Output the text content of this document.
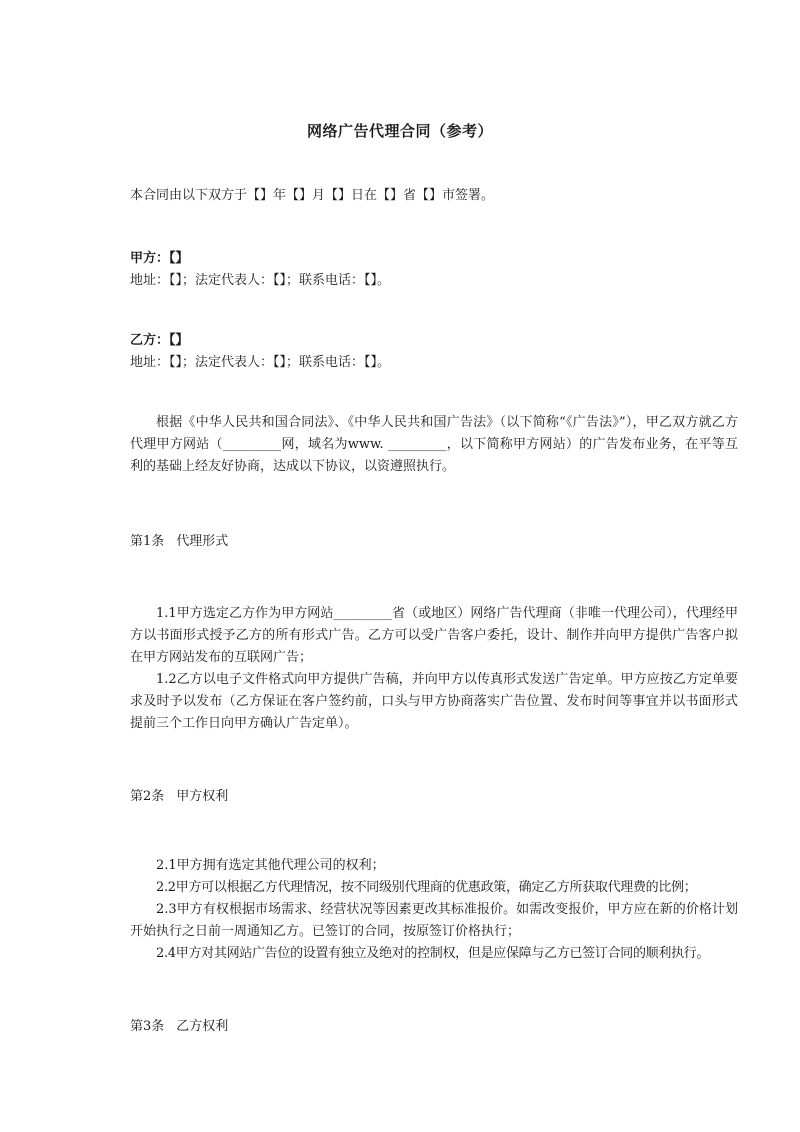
网络广告代理合同（参考）
本合同由以下双方于【】年【】月【】日在【】省【】市签署。
甲方：【】
地址：【】；法定代表人：【】；联系电话：【】。
乙方：【】
地址：【】；法定代表人：【】；联系电话：【】。
根据《中华人民共和国合同法》、《中华人民共和国广告法》（以下简称“《广告法》”），甲乙双方就乙方代理甲方网站（_________网，域名为www. _________，以下简称甲方网站）的广告发布业务，在平等互利的基础上经友好协商，达成以下协议，以资遵照执行。
第1条 代理形式
1.1甲方选定乙方作为甲方网站_________省（或地区）网络广告代理商（非唯一代理公司），代理经甲方以书面形式授予乙方的所有形式广告。乙方可以受广告客户委托，设计、制作并向甲方提供广告客户拟在甲方网站发布的互联网广告；
1.2乙方以电子文件格式向甲方提供广告稿，并向甲方以传真形式发送广告定单。甲方应按乙方定单要求及时予以发布（乙方保证在客户签约前，口头与甲方协商落实广告位置、发布时间等事宜并以书面形式提前三个工作日向甲方确认广告定单）。
第2条 甲方权利
2.1甲方拥有选定其他代理公司的权利；
2.2甲方可以根据乙方代理情况，按不同级别代理商的优惠政策，确定乙方所获取代理费的比例；
2.3甲方有权根据市场需求、经营状况等因素更改其标准报价。如需改变报价，甲方应在新的价格计划开始执行之日前一周通知乙方。已签订的合同，按原签订价格执行；
2.4甲方对其网站广告位的设置有独立及绝对的控制权，但是应保障与乙方已签订合同的顺利执行。
第3条 乙方权利
